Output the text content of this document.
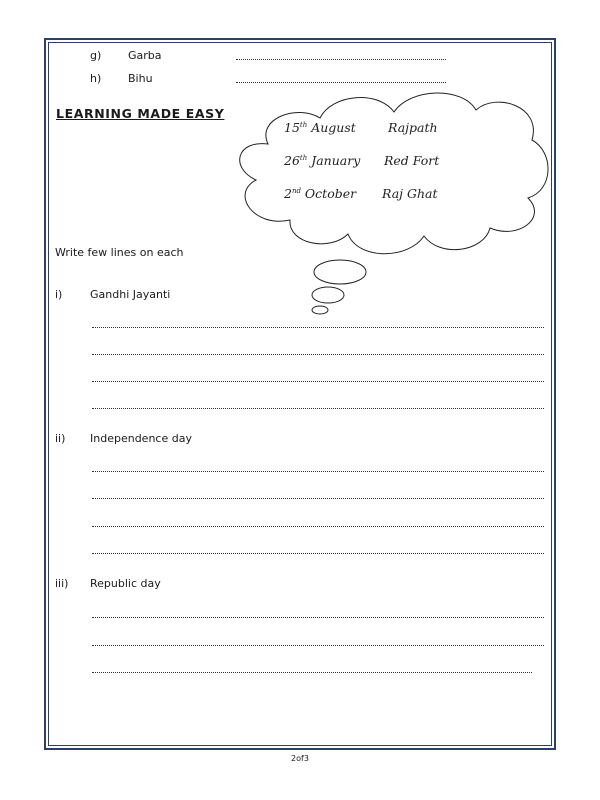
g) Garba
h) Bihu
LEARNING MADE EASY
15th August	Rajpath
26th January Red Fort
2nd October Raj Ghat
Write few lines on each
i)	Gandhi Jayanti
ii) Independence day
iii) Republic day
2of3
